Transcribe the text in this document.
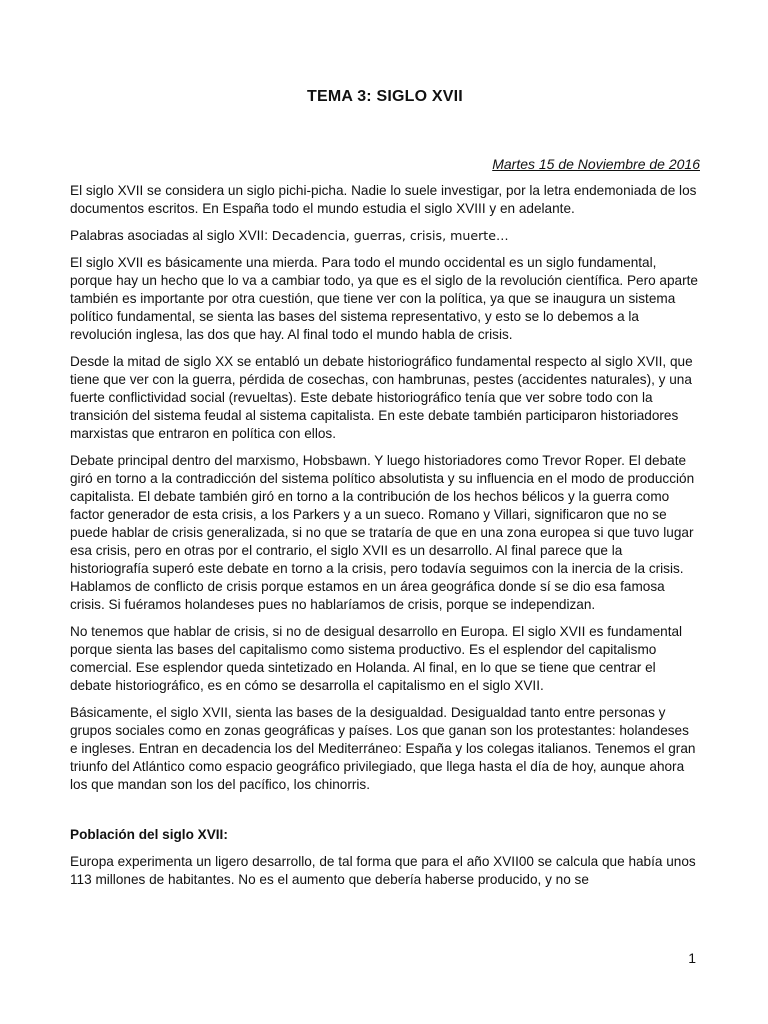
TEMA 3: SIGLO XVII
Martes 15 de Noviembre de 2016

El siglo XVII se considera un siglo pichi-picha. Nadie lo suele investigar, por la letra endemoniada de los documentos escritos. En España todo el mundo estudia el siglo XVIII y en adelante.

Palabras asociadas al siglo XVII: Decadencia, guerras, crisis, muerte…

El siglo XVII es básicamente una mierda. Para todo el mundo occidental es un siglo fundamental, porque hay un hecho que lo va a cambiar todo, ya que es el siglo de la revolución científica. Pero aparte también es importante por otra cuestión, que tiene ver con la política, ya que se inaugura un sistema político fundamental, se sienta las bases del sistema representativo, y esto se lo debemos a la revolución inglesa, las dos que hay. Al final todo el mundo habla de crisis.

Desde la mitad de siglo XX se entabló un debate historiográfico fundamental respecto al siglo XVII, que tiene que ver con la guerra, pérdida de cosechas, con hambrunas, pestes (accidentes naturales), y una fuerte conflictividad social (revueltas). Este debate historiográfico tenía que ver sobre todo con la transición del sistema feudal al sistema capitalista. En este debate también participaron historiadores marxistas que entraron en política con ellos.

Debate principal dentro del marxismo, Hobsbawn. Y luego historiadores como Trevor Roper. El debate giró en torno a la contradicción del sistema político absolutista y su influencia en el modo de producción capitalista. El debate también giró en torno a la contribución de los hechos bélicos y la guerra como factor generador de esta crisis, a los Parkers y a un sueco. Romano y Villari, significaron que no se puede hablar de crisis generalizada, si no que se trataría de que en una zona europea si que tuvo lugar esa crisis, pero en otras por el contrario, el siglo XVII es un desarrollo. Al final parece que la historiografía superó este debate en torno a la crisis, pero todavía seguimos con la inercia de la crisis. Hablamos de conflicto de crisis porque estamos en un área geográfica donde sí se dio esa famosa crisis. Si fuéramos holandeses pues no hablaríamos de crisis, porque se independizan.

No tenemos que hablar de crisis, si no de desigual desarrollo en Europa. El siglo XVII es fundamental porque sienta las bases del capitalismo como sistema productivo. Es el esplendor del capitalismo comercial. Ese esplendor queda sintetizado en Holanda. Al final, en lo que se tiene que centrar el debate historiográfico, es en cómo se desarrolla el capitalismo en el siglo XVII.

Básicamente, el siglo XVII, sienta las bases de la desigualdad. Desigualdad tanto entre personas y grupos sociales como en zonas geográficas y países. Los que ganan son los protestantes: holandeses e ingleses. Entran en decadencia los del Mediterráneo: España y los colegas italianos. Tenemos el gran triunfo del Atlántico como espacio geográfico privilegiado, que llega hasta el día de hoy, aunque ahora los que mandan son los del pacífico, los chinorris.

Población del siglo XVII:

Europa experimenta un ligero desarrollo, de tal forma que para el año XVII00 se calcula que había unos 113 millones de habitantes. No es el aumento que debería haberse producido, y no se

1
